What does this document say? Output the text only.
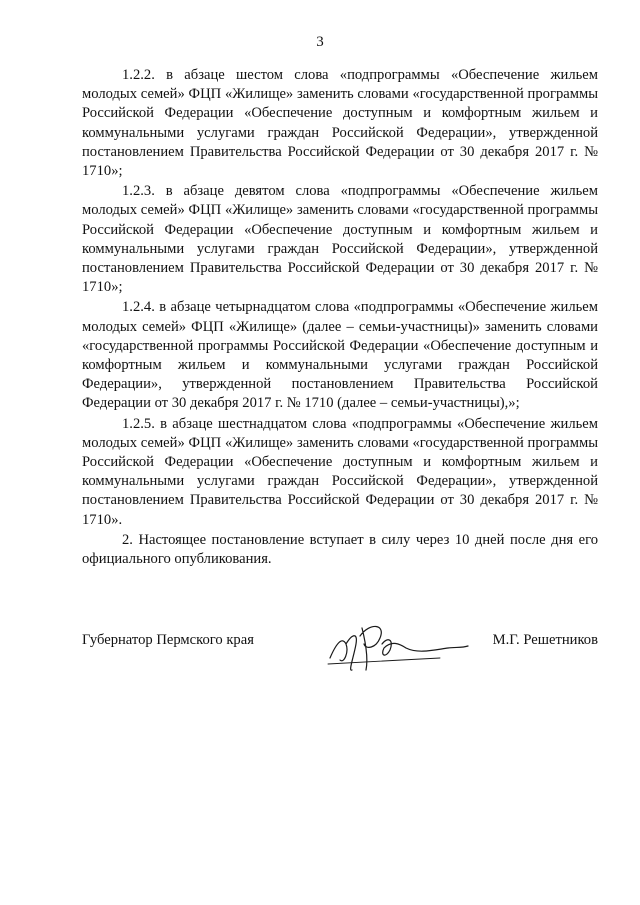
3

1.2.2. в абзаце шестом слова «подпрограммы «Обеспечение жильем молодых семей» ФЦП «Жилище» заменить словами «государственной программы Российской Федерации «Обеспечение доступным и комфортным жильем и коммунальными услугами граждан Российской Федерации», утвержденной постановлением Правительства Российской Федерации от 30 декабря 2017 г. № 1710»;

1.2.3. в абзаце девятом слова «подпрограммы «Обеспечение жильем молодых семей» ФЦП «Жилище» заменить словами «государственной программы Российской Федерации «Обеспечение доступным и комфортным жильем и коммунальными услугами граждан Российской Федерации», утвержденной постановлением Правительства Российской Федерации от 30 декабря 2017 г. № 1710»;

1.2.4. в абзаце четырнадцатом слова «подпрограммы «Обеспечение жильем молодых семей» ФЦП «Жилище» (далее – семьи-участницы)» заменить словами «государственной программы Российской Федерации «Обеспечение доступным и комфортным жильем и коммунальными услугами граждан Российской Федерации», утвержденной постановлением Правительства Российской Федерации от 30 декабря 2017 г. № 1710 (далее – семьи-участницы),»;

1.2.5. в абзаце шестнадцатом слова «подпрограммы «Обеспечение жильем молодых семей» ФЦП «Жилище» заменить словами «государственной программы Российской Федерации «Обеспечение доступным и комфортным жильем и коммунальными услугами граждан Российской Федерации», утвержденной постановлением Правительства Российской Федерации от 30 декабря 2017 г. № 1710».

2. Настоящее постановление вступает в силу через 10 дней после дня его официального опубликования.

Губернатор Пермского края	М.Г. Решетников
